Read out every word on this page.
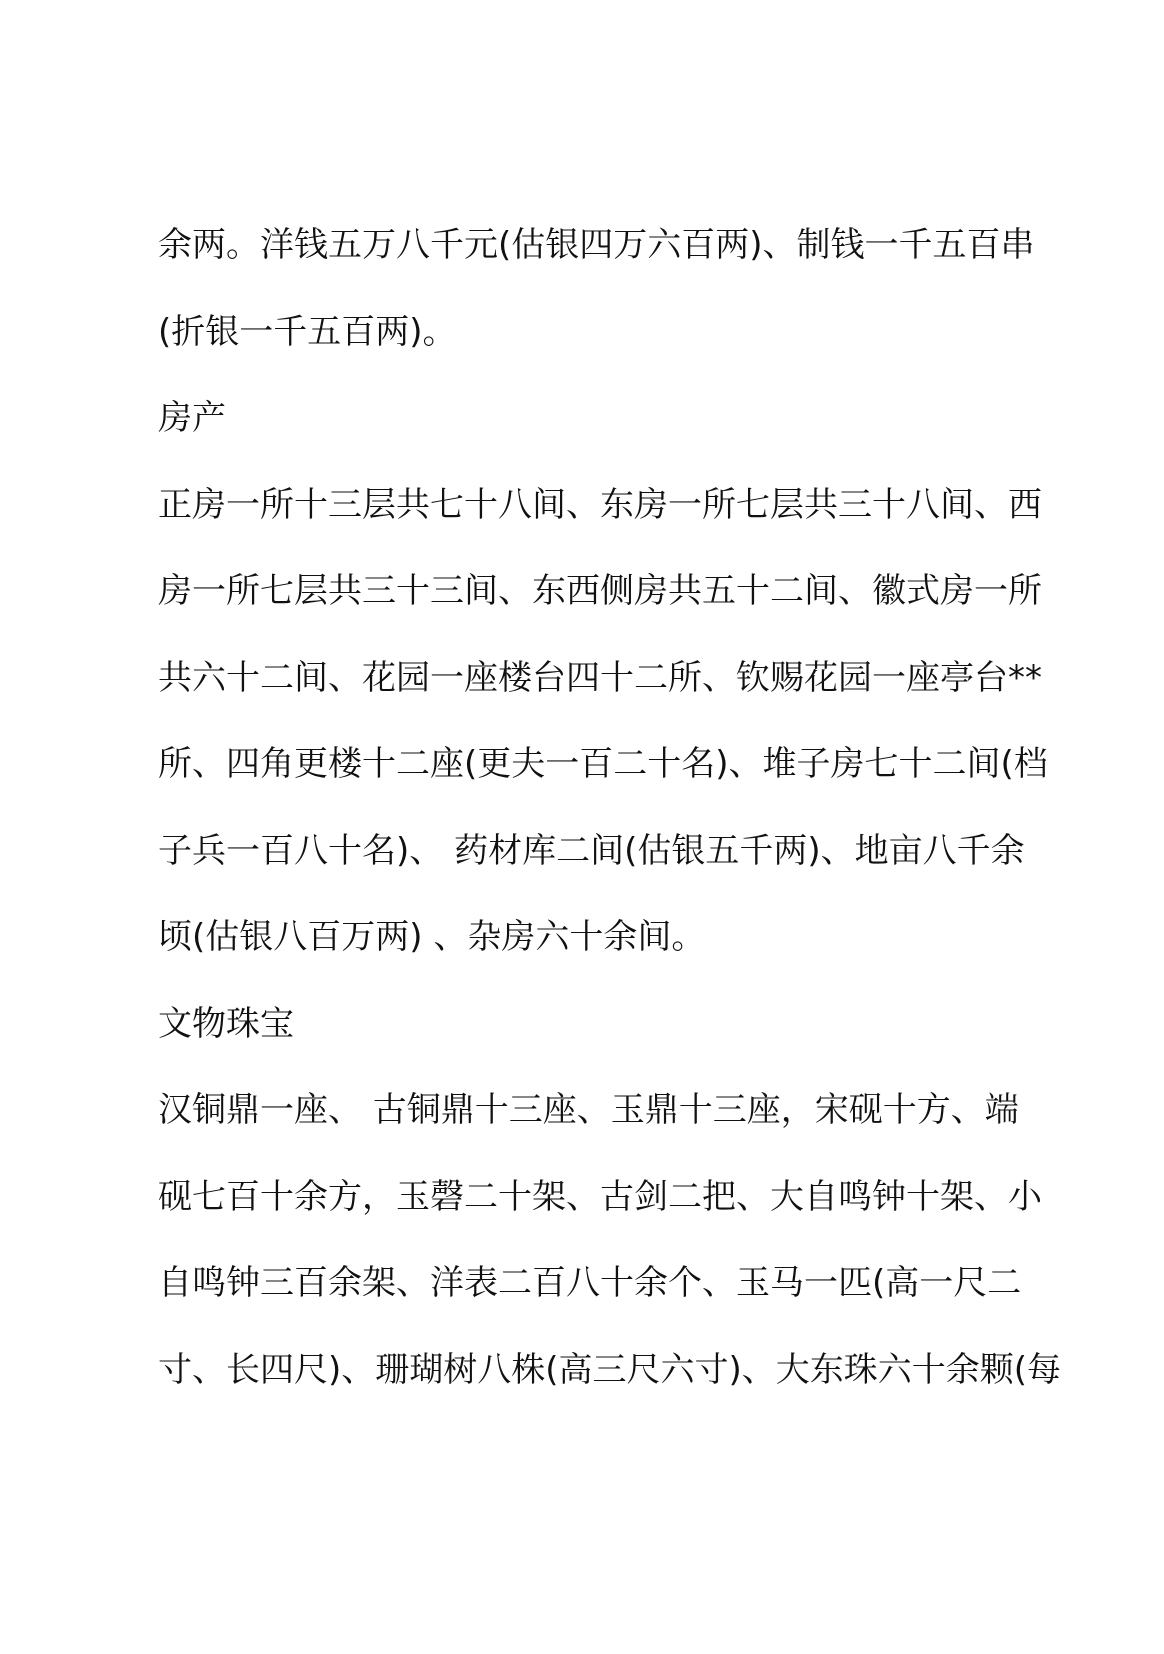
余两。洋钱五万八千元(估银四万六百两)、制钱一千五百串
(折银一千五百两)。
房产
正房一所十三层共七十八间、东房一所七层共三十八间、西
房一所七层共三十三间、东西侧房共五十二间、徽式房一所
共六十二间、花园一座楼台四十二所、钦赐花园一座亭台**
所、四角更楼十二座(更夫一百二十名)、堆子房七十二间(档
子兵一百八十名)、 药材库二间(估银五千两)、地亩八千余
顷(估银八百万两) 、杂房六十余间。
文物珠宝
汉铜鼎一座、 古铜鼎十三座、玉鼎十三座，宋砚十方、端
砚七百十余方，玉磬二十架、古剑二把、大自鸣钟十架、小
自鸣钟三百余架、洋表二百八十余个、玉马一匹(高一尺二
寸、长四尺)、珊瑚树八株(高三尺六寸)、大东珠六十余颗(每
